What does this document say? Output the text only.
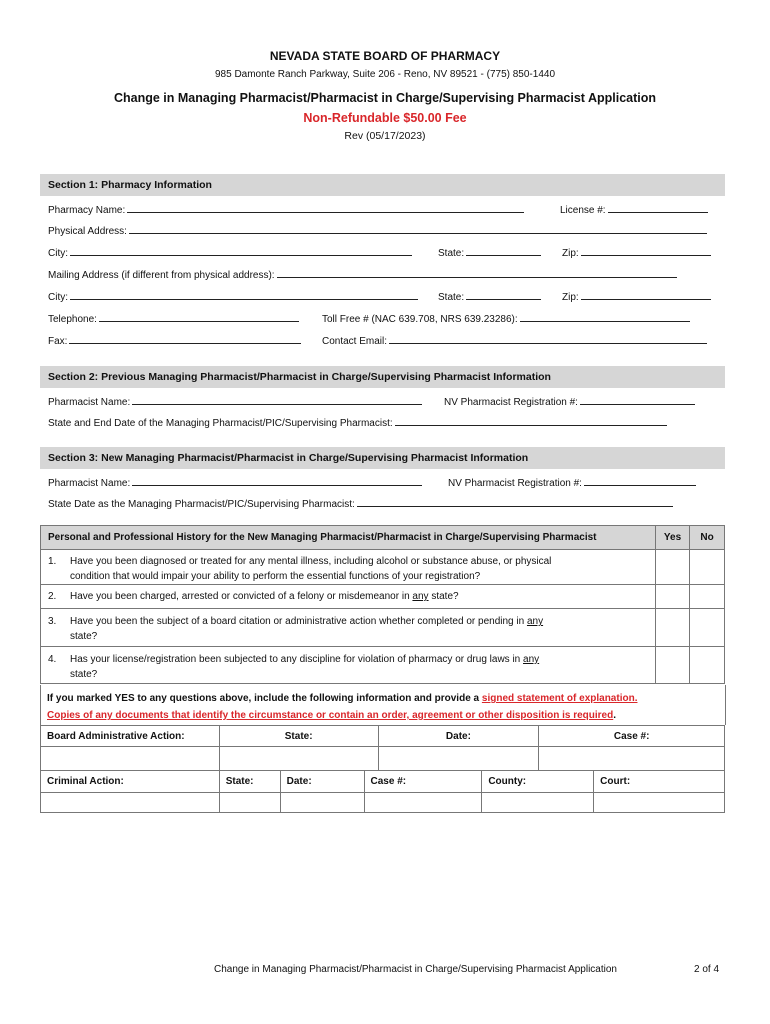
NEVADA STATE BOARD OF PHARMACY
985 Damonte Ranch Parkway, Suite 206 - Reno, NV 89521 - (775) 850-1440
Change in Managing Pharmacist/Pharmacist in Charge/Supervising Pharmacist Application
Non-Refundable $50.00 Fee
Rev (05/17/2023)
Section 1: Pharmacy Information
Pharmacy Name:	License #:
Physical Address:
City:	State:	Zip:
Mailing Address (if different from physical address):
City:	State:	Zip:
Telephone:	Toll Free # (NAC 639.708, NRS 639.23286):
Fax:	Contact Email:
Section 2: Previous Managing Pharmacist/Pharmacist in Charge/Supervising Pharmacist Information
Pharmacist Name:	NV Pharmacist Registration #:
State and End Date of the Managing Pharmacist/PIC/Supervising Pharmacist:
Section 3: New Managing Pharmacist/Pharmacist in Charge/Supervising Pharmacist Information
Pharmacist Name:	NV Pharmacist Registration #:
State Date as the Managing Pharmacist/PIC/Supervising Pharmacist:
Personal and Professional History for the New Managing Pharmacist/Pharmacist in Charge/Supervising Pharmacist	Yes	No
1. Have you been diagnosed or treated for any mental illness, including alcohol or substance abuse, or physical
condition that would impair your ability to perform the essential functions of your registration?		
2. Have you been charged, arrested or convicted of a felony or misdemeanor in any state?		
3. Have you been the subject of a board citation or administrative action whether completed or pending in any
state?		
4. Has your license/registration been subjected to any discipline for violation of pharmacy or drug laws in any
state?		
If you marked YES to any questions above, include the following information and provide a signed statement of explanation.
Copies of any documents that identify the circumstance or contain an order, agreement or other disposition is required.
Board Administrative Action:	State:	Date:	Case #:

Criminal Action:	State:	Date:	Case #:	County:	Court:

Change in Managing Pharmacist/Pharmacist in Charge/Supervising Pharmacist Application	2 of 4
